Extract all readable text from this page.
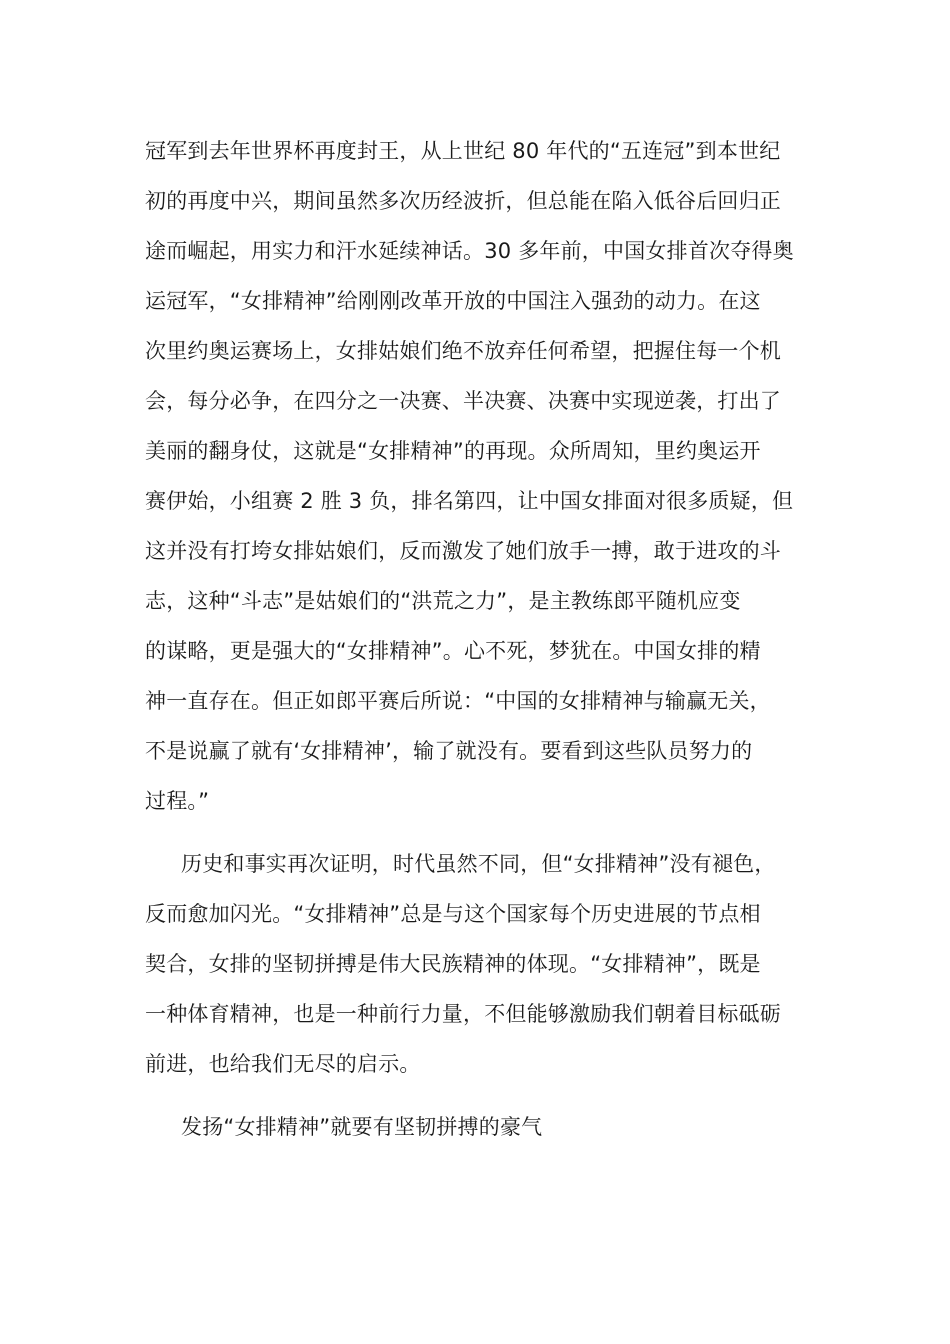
冠军到去年世界杯再度封王，从上世纪 80 年代的“五连冠”到本世纪
初的再度中兴，期间虽然多次历经波折，但总能在陷入低谷后回归正
途而崛起，用实力和汗水延续神话。30 多年前，中国女排首次夺得奥
运冠军，“女排精神”给刚刚改革开放的中国注入强劲的动力。在这
次里约奥运赛场上，女排姑娘们绝不放弃任何希望，把握住每一个机
会，每分必争，在四分之一决赛、半决赛、决赛中实现逆袭，打出了
美丽的翻身仗，这就是“女排精神”的再现。众所周知，里约奥运开
赛伊始，小组赛 2 胜 3 负，排名第四，让中国女排面对很多质疑，但
这并没有打垮女排姑娘们，反而激发了她们放手一搏，敢于进攻的斗
志，这种“斗志”是姑娘们的“洪荒之力”，是主教练郎平随机应变
的谋略，更是强大的“女排精神”。心不死，梦犹在。中国女排的精
神一直存在。但正如郎平赛后所说：“中国的女排精神与输赢无关，
不是说赢了就有‘女排精神’，输了就没有。要看到这些队员努力的
过程。”
历史和事实再次证明，时代虽然不同，但“女排精神”没有褪色，
反而愈加闪光。“女排精神”总是与这个国家每个历史进展的节点相
契合，女排的坚韧拼搏是伟大民族精神的体现。“女排精神”，既是
一种体育精神，也是一种前行力量，不但能够激励我们朝着目标砥砺
前进，也给我们无尽的启示。
发扬“女排精神”就要有坚韧拼搏的豪气
